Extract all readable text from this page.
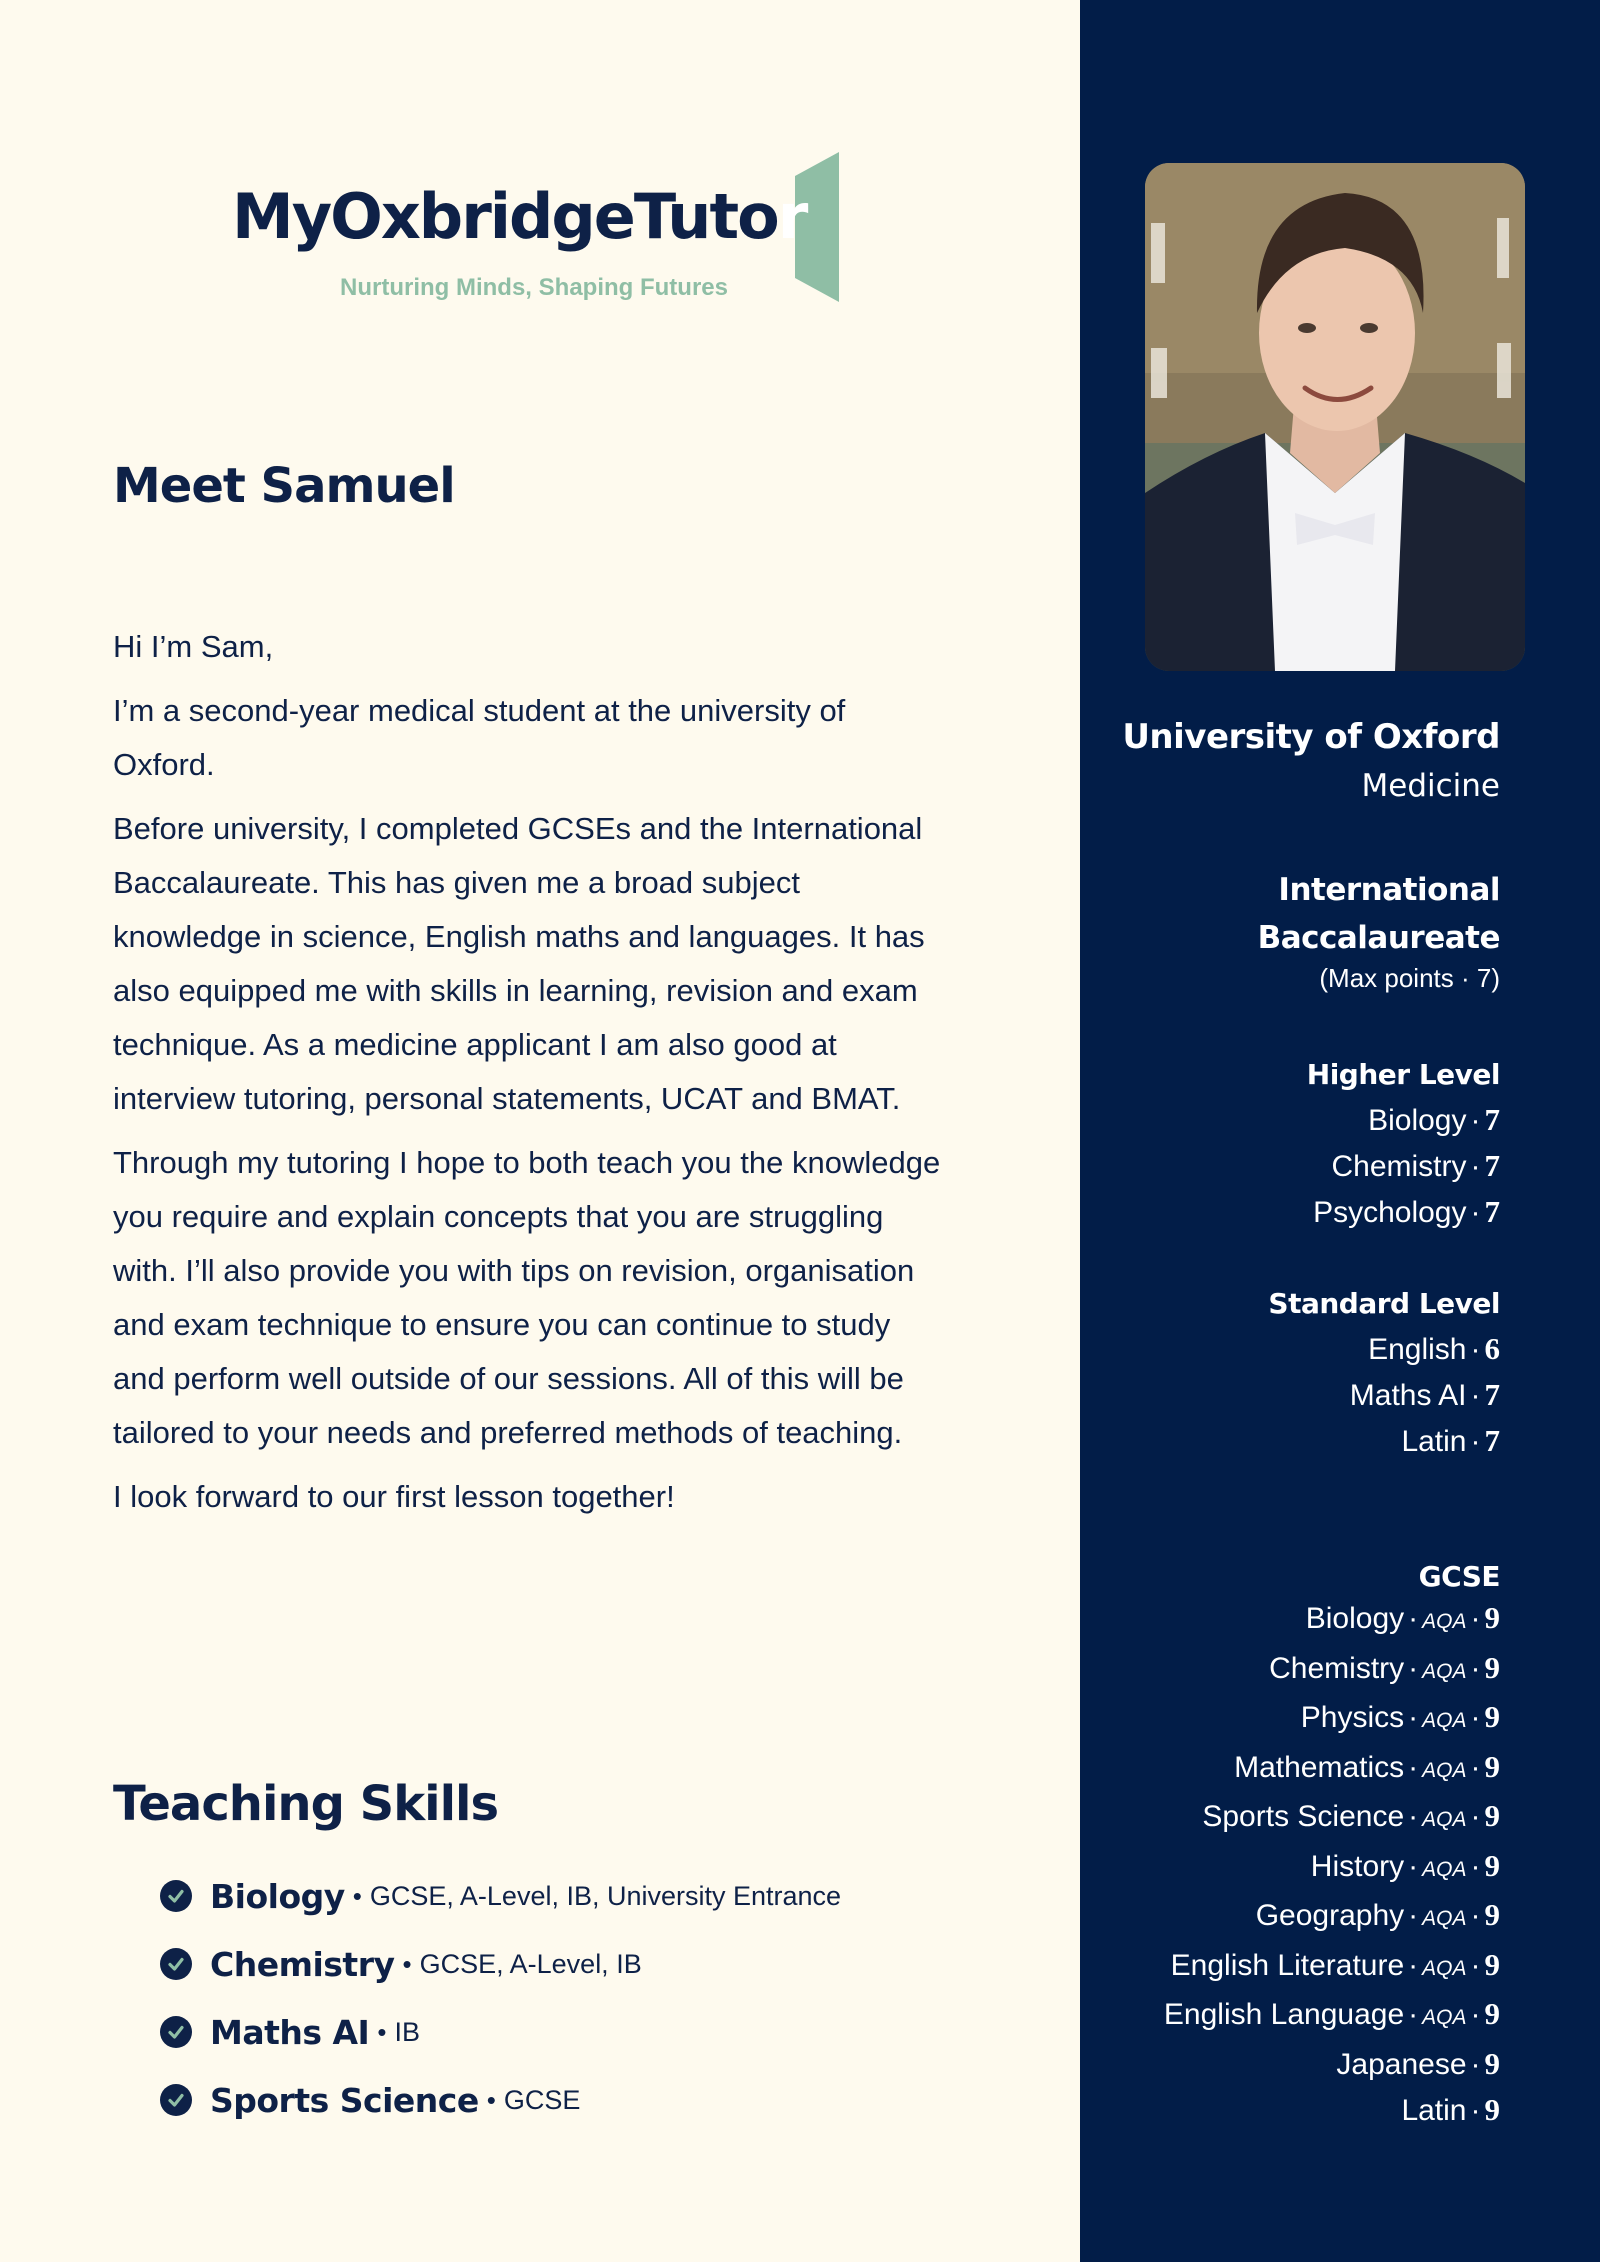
MyOxbridgeTutor
Nurturing Minds, Shaping Futures
Meet Samuel

Hi I’m Sam,

I’m a second-year medical student at the university of Oxford.

Before university, I completed GCSEs and the International Baccalaureate. This has given me a broad subject knowledge in science, English maths and languages. It has also equipped me with skills in learning, revision and exam technique. As a medicine applicant I am also good at interview tutoring, personal statements, UCAT and BMAT.

Through my tutoring I hope to both teach you the knowledge you require and explain concepts that you are struggling with. I’ll also provide you with tips on revision, organisation and exam technique to ensure you can continue to study and perform well outside of our sessions. All of this will be tailored to your needs and preferred methods of teaching.

I look forward to our first lesson together!

Teaching Skills
Biology • GCSE, A-Level, IB, University Entrance
Chemistry • GCSE, A-Level, IB
Maths AI • IB
Sports Science • GCSE
University of Oxford
Medicine
International Baccalaureate
(Max points · 7)
Higher Level
Biology · 7
Chemistry · 7
Psychology · 7
Standard Level
English · 6
Maths AI · 7
Latin · 7
GCSE
Biology · AQA · 9
Chemistry · AQA · 9
Physics · AQA · 9
Mathematics · AQA · 9
Sports Science · AQA · 9
History · AQA · 9
Geography · AQA · 9
English Literature · AQA · 9
English Language · AQA · 9
Japanese · 9
Latin · 9
